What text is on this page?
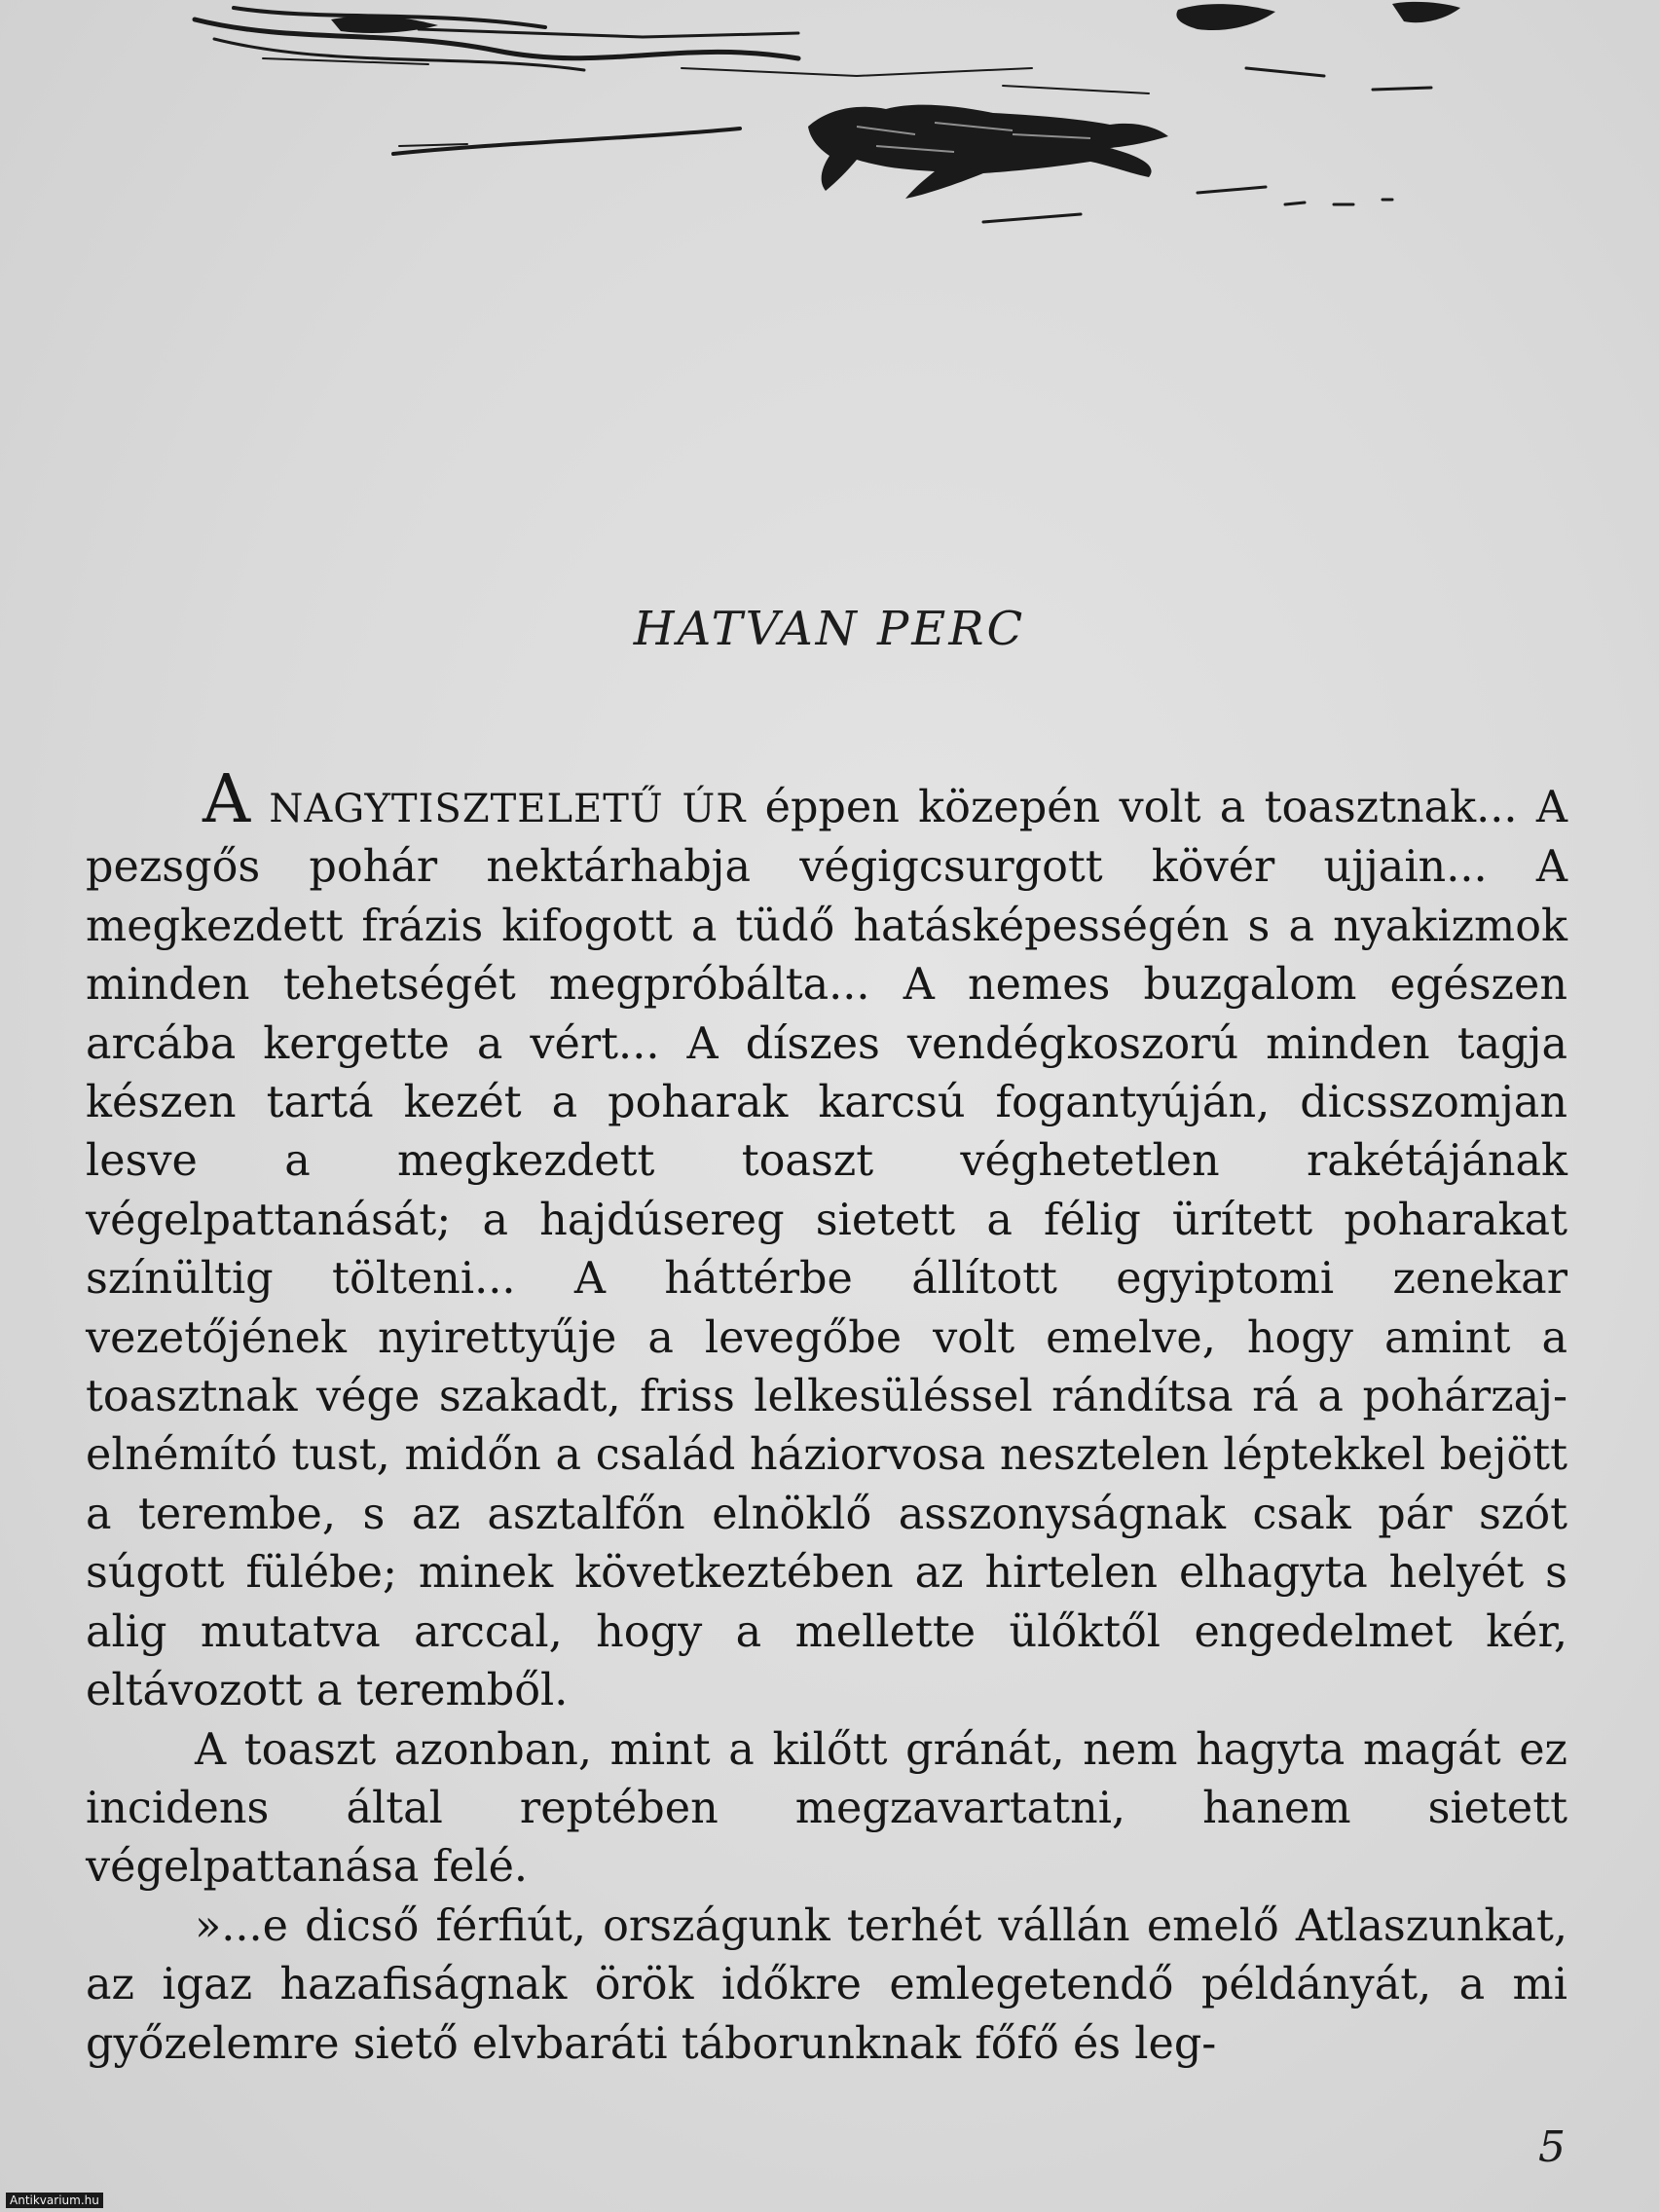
HATVAN PERC

A NAGYTISZTELETŰ ÚR éppen közepén volt a toasztnak... A pezsgős pohár nektárhabja végigcsurgott kövér ujjain... A megkezdett frázis kifogott a tüdő hatásképességén s a nyakizmok minden tehetségét megpróbálta... A nemes buzgalom egészen arcába kergette a vért... A díszes vendégkoszorú minden tagja készen tartá kezét a poharak karcsú fogantyúján, dicsszomjan lesve a megkezdett toaszt véghetetlen rakétájának végelpattanását; a hajdúsereg sietett a félig ürített poharakat színültig tölteni... A háttérbe állított egyiptomi zenekar vezetőjének nyirettyűje a levegőbe volt emelve, hogy amint a toasztnak vége szakadt, friss lelkesüléssel rándítsa rá a pohárzaj-elnémító tust, midőn a család háziorvosa nesztelen léptekkel bejött a terembe, s az asztalfőn elnöklő asszonyságnak csak pár szót súgott fülébe; minek következtében az hirtelen elhagyta helyét s alig mutatva arccal, hogy a mellette ülőktől engedelmet kér, eltávozott a teremből.

A toaszt azonban, mint a kilőtt gránát, nem hagyta magát ez incidens által reptében megzavartatni, hanem sietett végelpattanása felé.

»...e dicső férfiút, országunk terhét vállán emelő Atlaszunkat, az igaz hazafiságnak örök időkre emlegetendő példányát, a mi győzelemre siető elvbaráti táborunknak főfő és leg-

5
Antikvarium.hu
